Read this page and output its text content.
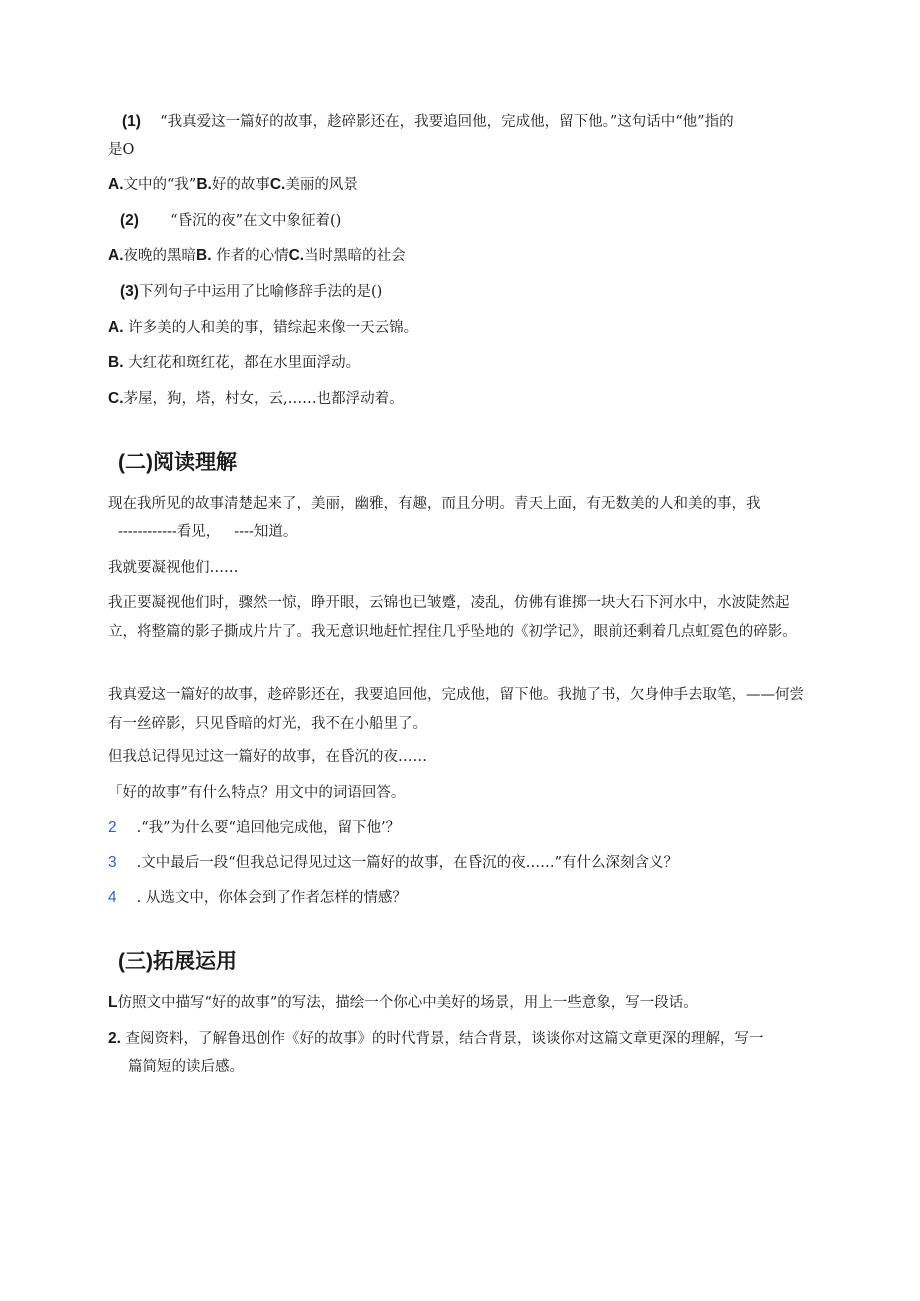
(1) “我真爱这一篇好的故事，趁碎影还在，我要追回他，完成他，留下他。”这句话中“他”指的
是O
A.文中的“我”B.好的故事C.美丽的风景
(2) “昏沉的夜”在文中象征着()
A.夜晚的黑暗B. 作者的心情C.当时黑暗的社会
(3)下列句子中运用了比喻修辞手法的是()
A. 许多美的人和美的事，错综起来像一天云锦。
B. 大红花和斑红花，都在水里面浮动。
C.茅屋，狗，塔，村女，云,……也都浮动着。
(二)阅读理解
现在我所见的故事清楚起来了，美丽，幽雅，有趣，而且分明。青天上面，有无数美的人和美的事，我
------------看见， ----知道。
我就要凝视他们……
我正要凝视他们时，骤然一惊，睁开眼，云锦也已皱蹙，凌乱，仿佛有谁掷一块大石下河水中，水波陡然起立，将整篇的影子撕成片片了。我无意识地赶忙捏住几乎坠地的《初学记》，眼前还剩着几点虹霓色的碎影。
我真爱这一篇好的故事，趁碎影还在，我要追回他，完成他，留下他。我抛了书，欠身伸手去取笔，——何尝有一丝碎影，只见昏暗的灯光，我不在小船里了。
但我总记得见过这一篇好的故事，在昏沉的夜……
「好的故事”有什么特点？用文中的词语回答。
2 .“我”为什么要“追回他完成他，留下他’？
3 .文中最后一段“但我总记得见过这一篇好的故事，在昏沉的夜……”有什么深刻含义？
4 . 从选文中，你体会到了作者怎样的情感？
(三)拓展运用
L仿照文中描写“好的故事”的写法，描绘一个你心中美好的场景，用上一些意象，写一段话。
2. 查阅资料，了解鲁迅创作《好的故事》的时代背景，结合背景，谈谈你对这篇文章更深的理解，写一
篇简短的读后感。
